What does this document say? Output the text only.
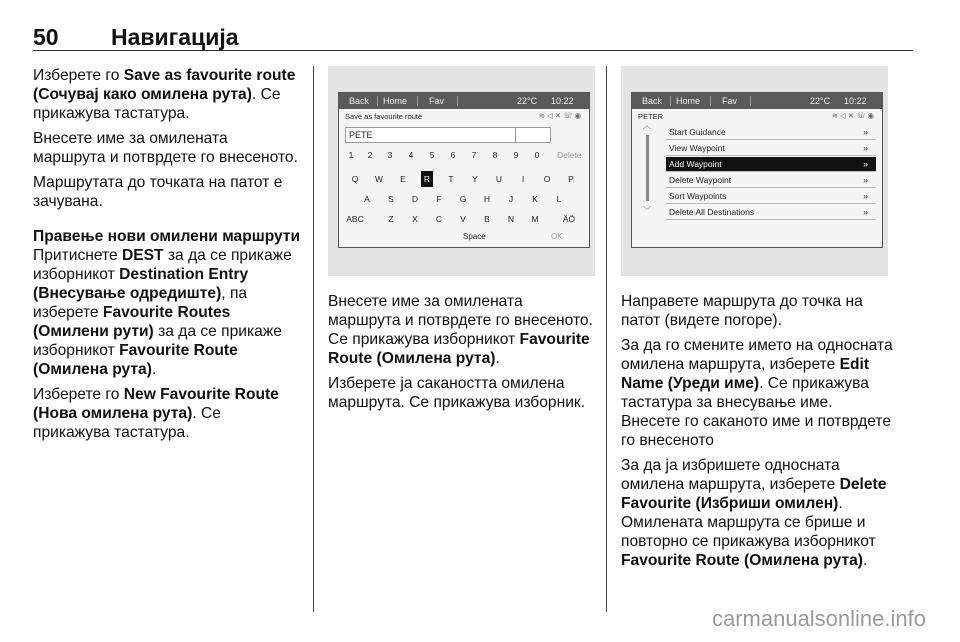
50 Навигација

Изберете го Save as favourite route (Сочувај како омилена рута). Се прикажува тастатура.

Внесете име за омилената маршрута и потврдете го внесеното.

Маршрутата до точката на патот е зачувана.

Правење нови омилени маршрути

Притиснете DEST за да се прикаже изборникот Destination Entry (Внесување одредиште), па изберете Favourite Routes (Омилени рути) за да се прикаже изборникот Favourite Route (Омилена рута).

Изберете го New Favourite Route (Нова омилена рута). Се прикажува тастатура.

Back Home Fav	22°C 10:22
Save as favourite route	≋◁✕☏◉
PETE
1	2	3	4	5	6	7	8	9	0	Delete
Q	W	E	R	T	Y	U	I	O	P
A	S	D	F	G	H	J	K	L
ABC	Z	X	C	V	B	N	M	ÄÖ
Space	OK

Внесете име за омилената маршрута и потврдете го внесеното. Се прикажува изборникот Favourite Route (Омилена рута).

Изберете ја сакаността омилена маршрута. Се прикажува изборник.

Back Home Fav	22°C 10:22
PETER	≋◁✕☏◉
︿
﹀
Start Guidance	»
View Waypoint	»
Add Waypoint	»
Delete Waypoint	»
Sort Waypoints	»
Delete All Destinations	»

Направете маршрута до точка на патот (видете погоре).

За да го смените името на односната омилена маршрута, изберете Edit Name (Уреди име). Се прикажува тастатура за внесување име. Внесете го саканото име и потврдете го внесеното

За да ја избришете односната омилена маршрута, изберете Delete Favourite (Избриши омилен). Омилената маршрута се брише и повторно се прикажува изборникот Favourite Route (Омилена рута).

carmanualsonline.info
